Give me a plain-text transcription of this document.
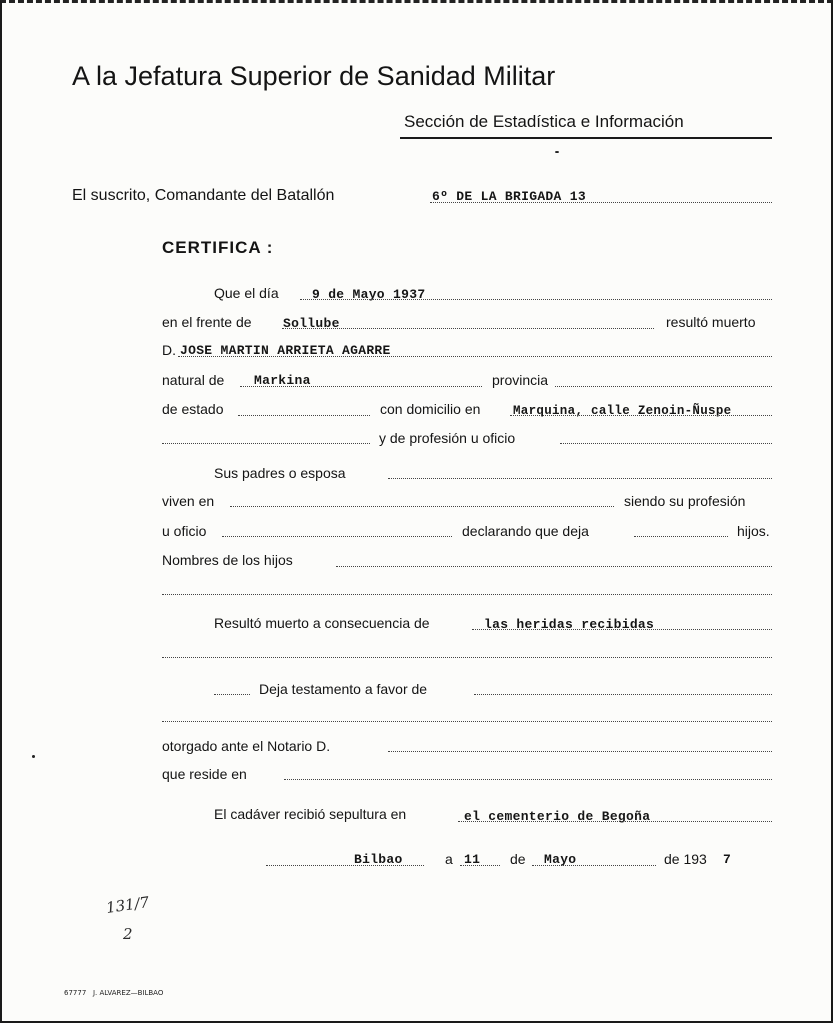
A la Jefatura Superior de Sanidad Militar
Sección de Estadística e Información
El suscrito, Comandante del Batallón	6º DE LA BRIGADA 13
CERTIFICA :
Que el día	9 de Mayo 1937
en el frente de Sollube	resultó muerto
D. JOSE MARTIN ARRIETA AGARRE
natural de Markina	provincia
de estado	con domicilio en	Marquina, calle Zenoin-Ñuspe
y de profesión u oficio
Sus padres o esposa
viven en	siendo su profesión
u oficio	declarando que deja	hijos.
Nombres de los hijos
Resultó muerto a consecuencia de	las heridas recibidas
Deja testamento a favor de
otorgado ante el Notario D.
que reside en
El cadáver recibió sepultura en	el cementerio de Begoña
Bilbao	a 11 de Mayo	de 193 7
131/7
2
67777 J. ALVAREZ—BILBAO
